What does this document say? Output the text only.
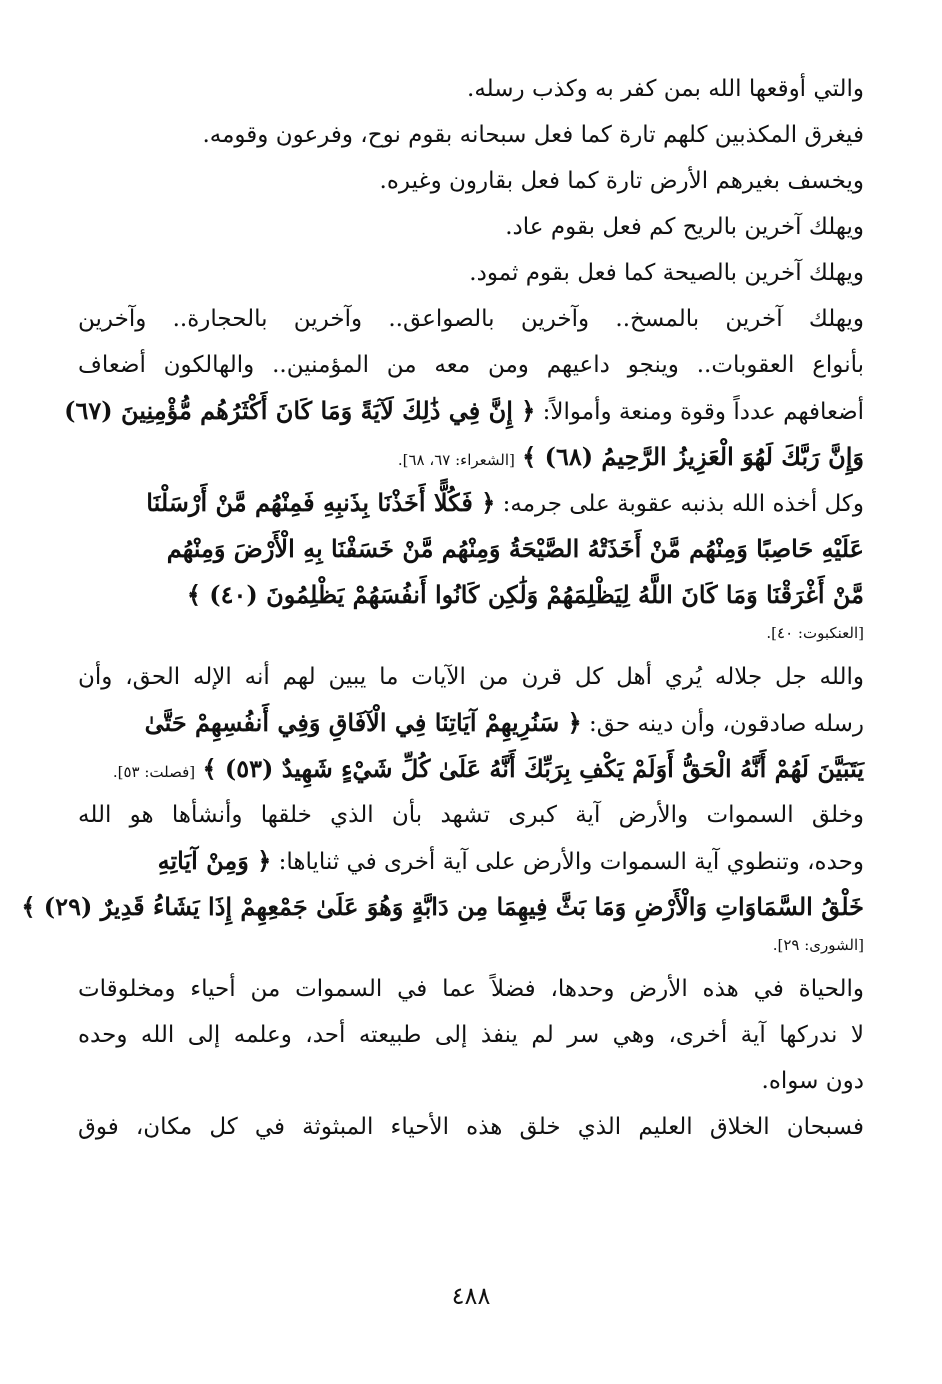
والتي أوقعها الله بمن كفر به وكذب رسله.
فيغرق المكذبين كلهم تارة كما فعل سبحانه بقوم نوح، وفرعون وقومه.
ويخسف بغيرهم الأرض تارة كما فعل بقارون وغيره.
ويهلك آخرين بالريح كم فعل بقوم عاد.
ويهلك آخرين بالصيحة كما فعل بقوم ثمود.
ويهلك آخرين بالمسخ.. وآخرين بالصواعق.. وآخرين بالحجارة.. وآخرين
بأنواع العقوبات.. وينجو داعيهم ومن معه من المؤمنين.. والهالكون أضعاف
أضعافهم عدداً وقوة ومنعة وأموالاً: ﴿ إِنَّ فِي ذَٰلِكَ لَآيَةً وَمَا كَانَ أَكْثَرُهُم مُّؤْمِنِينَ (٦٧)
وَإِنَّ رَبَّكَ لَهُوَ الْعَزِيزُ الرَّحِيمُ (٦٨) ﴾ [الشعراء: ٦٧، ٦٨].
وكل أخذه الله بذنبه عقوبة على جرمه: ﴿ فَكُلًّا أَخَذْنَا بِذَنبِهِ فَمِنْهُم مَّنْ أَرْسَلْنَا
عَلَيْهِ حَاصِبًا وَمِنْهُم مَّنْ أَخَذَتْهُ الصَّيْحَةُ وَمِنْهُم مَّنْ خَسَفْنَا بِهِ الْأَرْضَ وَمِنْهُم
مَّنْ أَغْرَقْنَا وَمَا كَانَ اللَّهُ لِيَظْلِمَهُمْ وَلَٰكِن كَانُوا أَنفُسَهُمْ يَظْلِمُونَ (٤٠) ﴾
[العنكبوت: ٤٠].
والله جل جلاله يُري أهل كل قرن من الآيات ما يبين لهم أنه الإله الحق، وأن
رسله صادقون، وأن دينه حق: ﴿ سَنُرِيهِمْ آيَاتِنَا فِي الْآفَاقِ وَفِي أَنفُسِهِمْ حَتَّىٰ
يَتَبَيَّنَ لَهُمْ أَنَّهُ الْحَقُّ أَوَلَمْ يَكْفِ بِرَبِّكَ أَنَّهُ عَلَىٰ كُلِّ شَيْءٍ شَهِيدٌ (٥٣) ﴾ [فصلت: ٥٣].
وخلق السموات والأرض آية كبرى تشهد بأن الذي خلقها وأنشأها هو الله
وحده، وتنطوي آية السموات والأرض على آية أخرى في ثناياها: ﴿ وَمِنْ آيَاتِهِ
خَلْقُ السَّمَاوَاتِ وَالْأَرْضِ وَمَا بَثَّ فِيهِمَا مِن دَابَّةٍ وَهُوَ عَلَىٰ جَمْعِهِمْ إِذَا يَشَاءُ قَدِيرٌ (٢٩) ﴾
[الشورى: ٢٩].
والحياة في هذه الأرض وحدها، فضلاً عما في السموات من أحياء ومخلوقات
لا ندركها آية أخرى، وهي سر لم ينفذ إلى طبيعته أحد، وعلمه إلى الله وحده
دون سواه.
فسبحان الخلاق العليم الذي خلق هذه الأحياء المبثوثة في كل مكان، فوق
٤٨٨
